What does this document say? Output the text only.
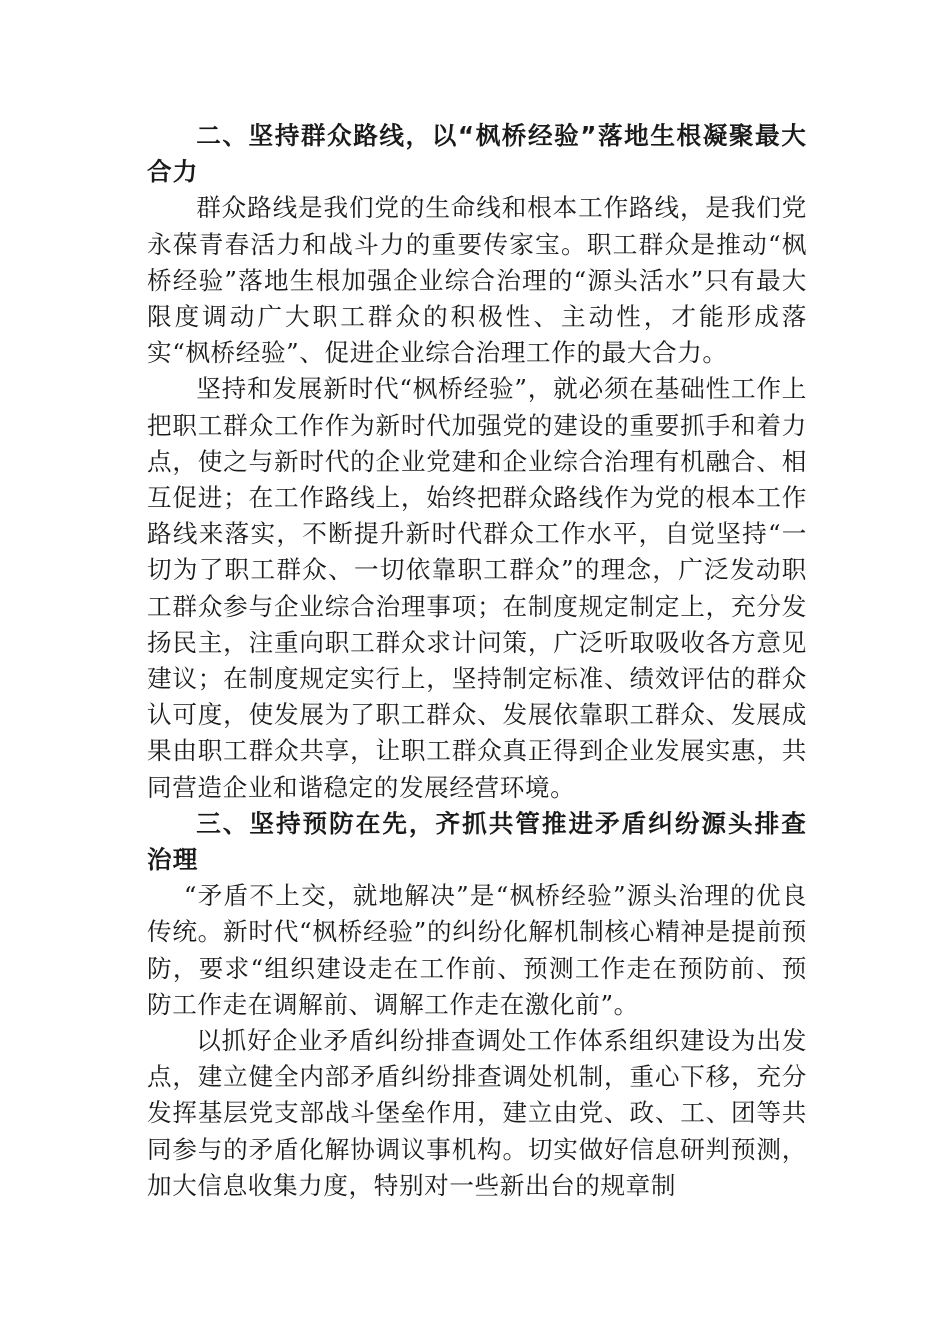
二、坚持群众路线，以“枫桥经验”落地生根凝聚最大合力

群众路线是我们党的生命线和根本工作路线，是我们党永葆青春活力和战斗力的重要传家宝。职工群众是推动“枫桥经验”落地生根加强企业综合治理的“源头活水”只有最大限度调动广大职工群众的积极性、主动性，才能形成落实“枫桥经验”、促进企业综合治理工作的最大合力。

坚持和发展新时代“枫桥经验”，就必须在基础性工作上把职工群众工作作为新时代加强党的建设的重要抓手和着力点，使之与新时代的企业党建和企业综合治理有机融合、相互促进；在工作路线上，始终把群众路线作为党的根本工作路线来落实，不断提升新时代群众工作水平，自觉坚持“一切为了职工群众、一切依靠职工群众”的理念，广泛发动职工群众参与企业综合治理事项；在制度规定制定上，充分发扬民主，注重向职工群众求计问策，广泛听取吸收各方意见建议；在制度规定实行上，坚持制定标准、绩效评估的群众认可度，使发展为了职工群众、发展依靠职工群众、发展成果由职工群众共享，让职工群众真正得到企业发展实惠，共同营造企业和谐稳定的发展经营环境。

三、坚持预防在先，齐抓共管推进矛盾纠纷源头排查治理

“矛盾不上交，就地解决”是“枫桥经验”源头治理的优良传统。新时代“枫桥经验”的纠纷化解机制核心精神是提前预防，要求“组织建设走在工作前、预测工作走在预防前、预防工作走在调解前、调解工作走在激化前”。

以抓好企业矛盾纠纷排查调处工作体系组织建设为出发点，建立健全内部矛盾纠纷排查调处机制，重心下移，充分发挥基层党支部战斗堡垒作用，建立由党、政、工、团等共同参与的矛盾化解协调议事机构。切实做好信息研判预测，加大信息收集力度，特别对一些新出台的规章制
